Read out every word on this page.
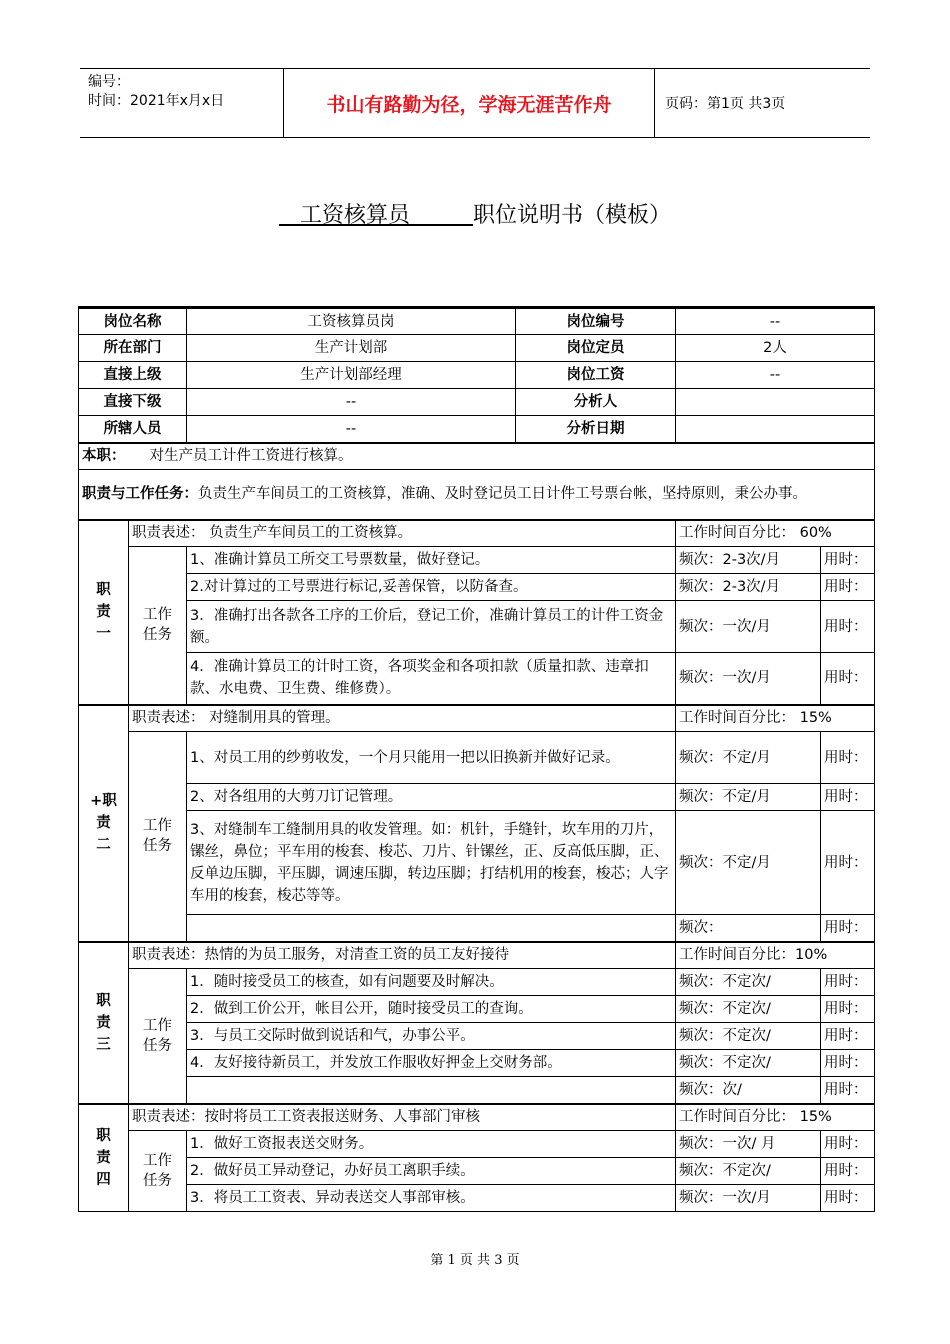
编号：
时间：2021年x月x日	书山有路勤为径，学海无涯苦作舟	页码：第1页 共3页
工资核算员	职位说明书（模板）
岗位名称		工资核算员岗	岗位编号	--	
所在部门		生产计划部	岗位定员	2人	
直接上级		生产计划部经理	岗位工资	--	
直接下级		--	分析人		
所辖人员		--	分析日期		
本职： 对生产员工计件工资进行核算。					

职责与工作任务： 负责生产车间员工的工资核算，准确、及时登记员工日计件工号票台帐，坚持原则，秉公办事。					

职
责
一	职责表述： 负责生产车间员工的工资核算。			工作时间百分比： 60%	

	工作
任务	1、准确计算员工所交工号票数量，做好登记。		频次：2-3次/月	用时：
		2.对计算过的工号票进行标记,妥善保管，以防备查。		频次：2-3次/月	用时：
		3．准确打出各款各工序的工价后，登记工价，准确计算员工的计件工资金额。		频次：一次/月	用时：
		4．准确计算员工的计时工资，各项奖金和各项扣款（质量扣款、违章扣款、水电费、卫生费、维修费）。		频次：一次/月	用时：

+职
责
二	职责表述： 对缝制用具的管理。			工作时间百分比： 15%	

	工作
任务	1、对员工用的纱剪收发，一个月只能用一把以旧换新并做好记录。		频次：不定/月	用时：
		2、对各组用的大剪刀订记管理。		频次：不定/月	用时：
		3、对缝制车工缝制用具的收发管理。如：机针，手缝针，坎车用的刀片，镙丝，鼻位；平车用的梭套、梭芯、刀片、针镙丝，正、反高低压脚，正、反单边压脚，平压脚，调速压脚，转边压脚；打结机用的梭套，梭芯；人字车用的梭套，梭芯等等。		频次：不定/月	用时：
				频次：	用时：

职
责
三	职责表述：热情的为员工服务，对清查工资的员工友好接待			工作时间百分比：10%	

	工作
任务	1．随时接受员工的核查，如有问题要及时解决。		频次：不定次/	用时：
		2．做到工价公开，帐目公开，随时接受员工的查询。		频次：不定次/	用时：
		3．与员工交际时做到说话和气，办事公平。		频次：不定次/	用时：
		4．友好接待新员工，并发放工作服收好押金上交财务部。		频次：不定次/	用时：
				频次：次/	用时：

职
责
四	职责表述：按时将员工工资表报送财务、人事部门审核			工作时间百分比： 15%	

	工作
任务	1．做好工资报表送交财务。		频次：一次/ 月	用时：
		2．做好员工异动登记，办好员工离职手续。		频次：不定次/	用时：
		3．将员工工资表、异动表送交人事部审核。		频次：一次/月	用时：
第 1 页 共 3 页
